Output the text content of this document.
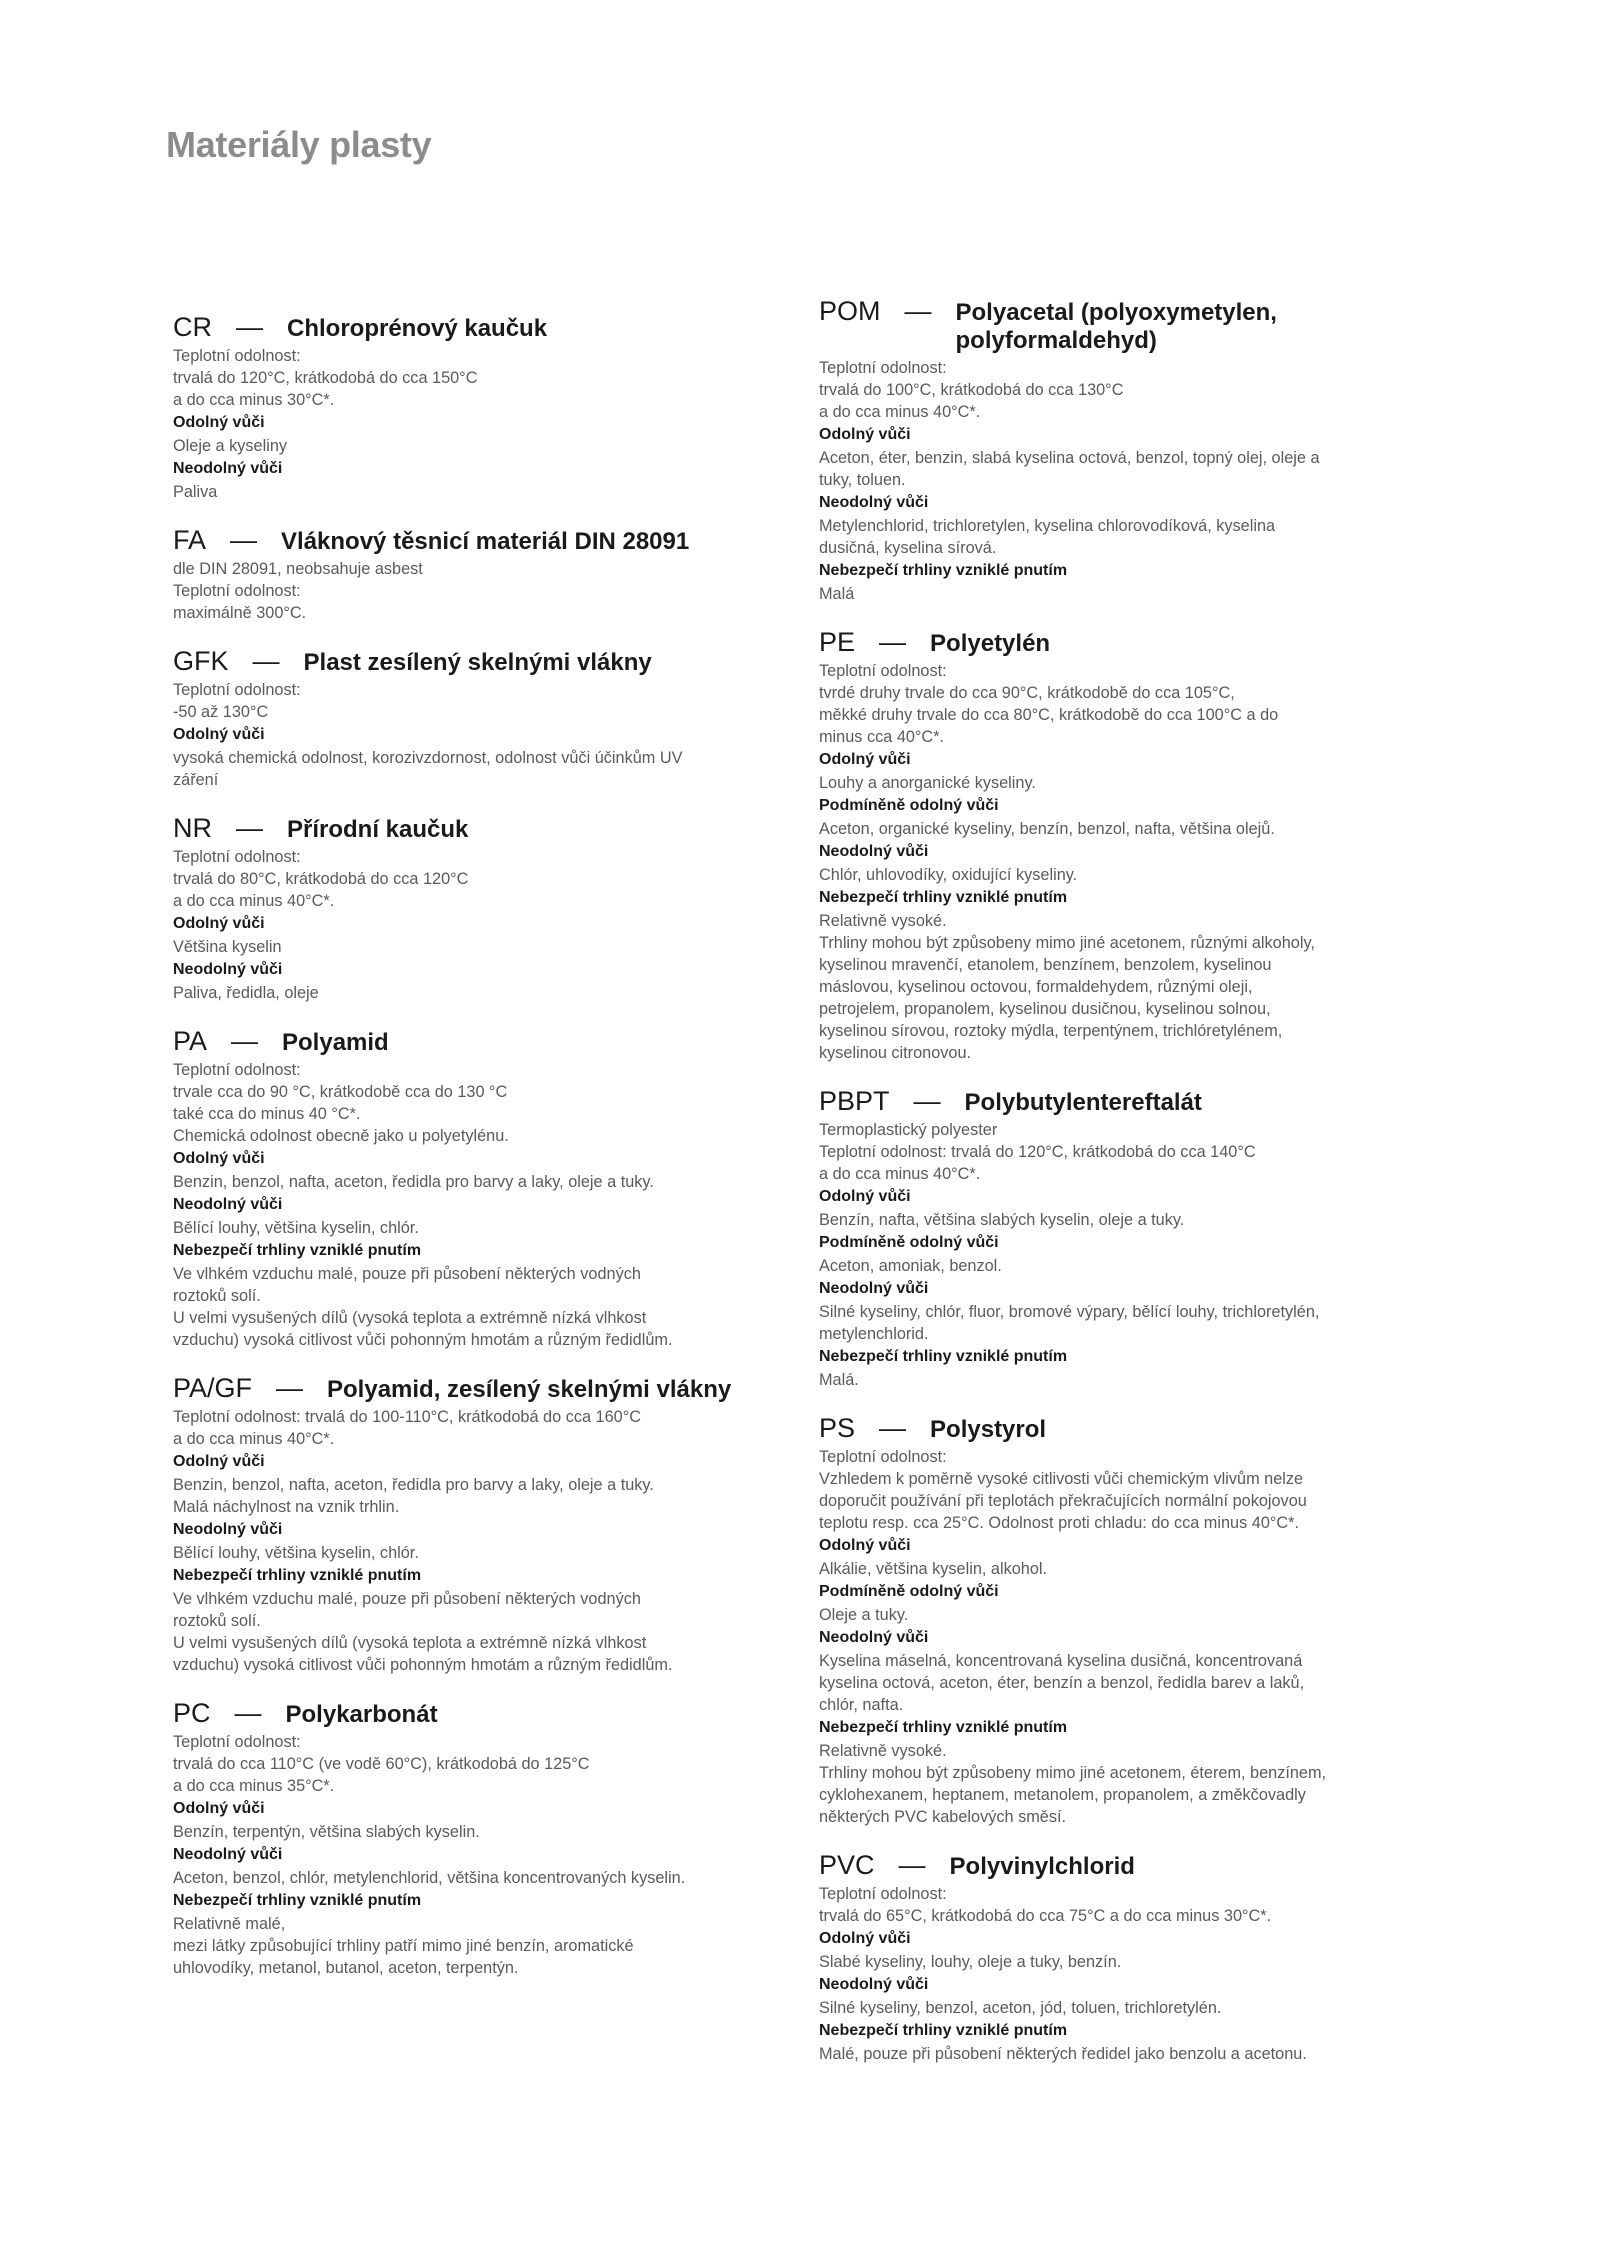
Materiály plasty
CR — Chloroprénový kaučuk
Teplotní odolnost:
trvalá do 120°C, krátkodobá do cca 150°C
a do cca minus 30°C*.
Odolný vůči
Oleje a kyseliny
Neodolný vůči
Paliva
FA — Vláknový těsnicí materiál DIN 28091
dle DIN 28091, neobsahuje asbest
Teplotní odolnost:
maximálně 300°C.
GFK — Plast zesílený skelnými vlákny
Teplotní odolnost:
-50 až 130°C
Odolný vůči
vysoká chemická odolnost, korozivzdornost, odolnost vůči účinkům UV
záření
NR — Přírodní kaučuk
Teplotní odolnost:
trvalá do 80°C, krátkodobá do cca 120°C
a do cca minus 40°C*.
Odolný vůči
Většina kyselin
Neodolný vůči
Paliva, ředidla, oleje
PA — Polyamid
Teplotní odolnost:
trvale cca do 90 °C, krátkodobě cca do 130 °C
také cca do minus 40 °C*.
Chemická odolnost obecně jako u polyetylénu.
Odolný vůči
Benzin, benzol, nafta, aceton, ředidla pro barvy a laky, oleje a tuky.
Neodolný vůči
Bělící louhy, většina kyselin, chlór.
Nebezpečí trhliny vzniklé pnutím
Ve vlhkém vzduchu malé, pouze při působení některých vodných
roztoků solí.
U velmi vysušených dílů (vysoká teplota a extrémně nízká vlhkost
vzduchu) vysoká citlivost vůči pohonným hmotám a různým ředidlům.
PA/GF — Polyamid, zesílený skelnými vlákny
Teplotní odolnost: trvalá do 100-110°C, krátkodobá do cca 160°C
a do cca minus 40°C*.
Odolný vůči
Benzin, benzol, nafta, aceton, ředidla pro barvy a laky, oleje a tuky.
Malá náchylnost na vznik trhlin.
Neodolný vůči
Bělící louhy, většina kyselin, chlór.
Nebezpečí trhliny vzniklé pnutím
Ve vlhkém vzduchu malé, pouze při působení některých vodných
roztoků solí.
U velmi vysušených dílů (vysoká teplota a extrémně nízká vlhkost
vzduchu) vysoká citlivost vůči pohonným hmotám a různým ředidlům.
PC — Polykarbonát
Teplotní odolnost:
trvalá do cca 110°C (ve vodě 60°C), krátkodobá do 125°C
a do cca minus 35°C*.
Odolný vůči
Benzín, terpentýn, většina slabých kyselin.
Neodolný vůči
Aceton, benzol, chlór, metylenchlorid, většina koncentrovaných kyselin.
Nebezpečí trhliny vzniklé pnutím
Relativně malé,
mezi látky způsobující trhliny patří mimo jiné benzín, aromatické
uhlovodíky, metanol, butanol, aceton, terpentýn.
POM — Polyacetal (polyoxymetylen, polyformaldehyd)
Teplotní odolnost:
trvalá do 100°C, krátkodobá do cca 130°C
a do cca minus 40°C*.
Odolný vůči
Aceton, éter, benzin, slabá kyselina octová, benzol, topný olej, oleje a
tuky, toluen.
Neodolný vůči
Metylenchlorid, trichloretylen, kyselina chlorovodíková, kyselina
dusičná, kyselina sírová.
Nebezpečí trhliny vzniklé pnutím
Malá
PE — Polyetylén
Teplotní odolnost:
tvrdé druhy trvale do cca 90°C, krátkodobě do cca 105°C,
měkké druhy trvale do cca 80°C, krátkodobě do cca 100°C a do
minus cca 40°C*.
Odolný vůči
Louhy a anorganické kyseliny.
Podmíněně odolný vůči
Aceton, organické kyseliny, benzín, benzol, nafta, většina olejů.
Neodolný vůči
Chlór, uhlovodíky, oxidující kyseliny.
Nebezpečí trhliny vzniklé pnutím
Relativně vysoké.
Trhliny mohou být způsobeny mimo jiné acetonem, různými alkoholy,
kyselinou mravenčí, etanolem, benzínem, benzolem, kyselinou
máslovou, kyselinou octovou, formaldehydem, různými oleji,
petrojelem, propanolem, kyselinou dusičnou, kyselinou solnou,
kyselinou sírovou, roztoky mýdla, terpentýnem, trichlóretylénem,
kyselinou citronovou.
PBPT — Polybutylentereftalát
Termoplastický polyester
Teplotní odolnost: trvalá do 120°C, krátkodobá do cca 140°C
a do cca minus 40°C*.
Odolný vůči
Benzín, nafta, většina slabých kyselin, oleje a tuky.
Podmíněně odolný vůči
Aceton, amoniak, benzol.
Neodolný vůči
Silné kyseliny, chlór, fluor, bromové výpary, bělící louhy, trichloretylén,
metylenchlorid.
Nebezpečí trhliny vzniklé pnutím
Malá.
PS — Polystyrol
Teplotní odolnost:
Vzhledem k poměrně vysoké citlivosti vůči chemickým vlivům nelze
doporučit používání při teplotách překračujících normální pokojovou
teplotu resp. cca 25°C. Odolnost proti chladu: do cca minus 40°C*.
Odolný vůči
Alkálie, většina kyselin, alkohol.
Podmíněně odolný vůči
Oleje a tuky.
Neodolný vůči
Kyselina máselná, koncentrovaná kyselina dusičná, koncentrovaná
kyselina octová, aceton, éter, benzín a benzol, ředidla barev a laků,
chlór, nafta.
Nebezpečí trhliny vzniklé pnutím
Relativně vysoké.
Trhliny mohou být způsobeny mimo jiné acetonem, éterem, benzínem,
cyklohexanem, heptanem, metanolem, propanolem, a změkčovadly
některých PVC kabelových směsí.
PVC — Polyvinylchlorid
Teplotní odolnost:
trvalá do 65°C, krátkodobá do cca 75°C a do cca minus 30°C*.
Odolný vůči
Slabé kyseliny, louhy, oleje a tuky, benzín.
Neodolný vůči
Silné kyseliny, benzol, aceton, jód, toluen, trichloretylén.
Nebezpečí trhliny vzniklé pnutím
Malé, pouze při působení některých ředidel jako benzolu a acetonu.
